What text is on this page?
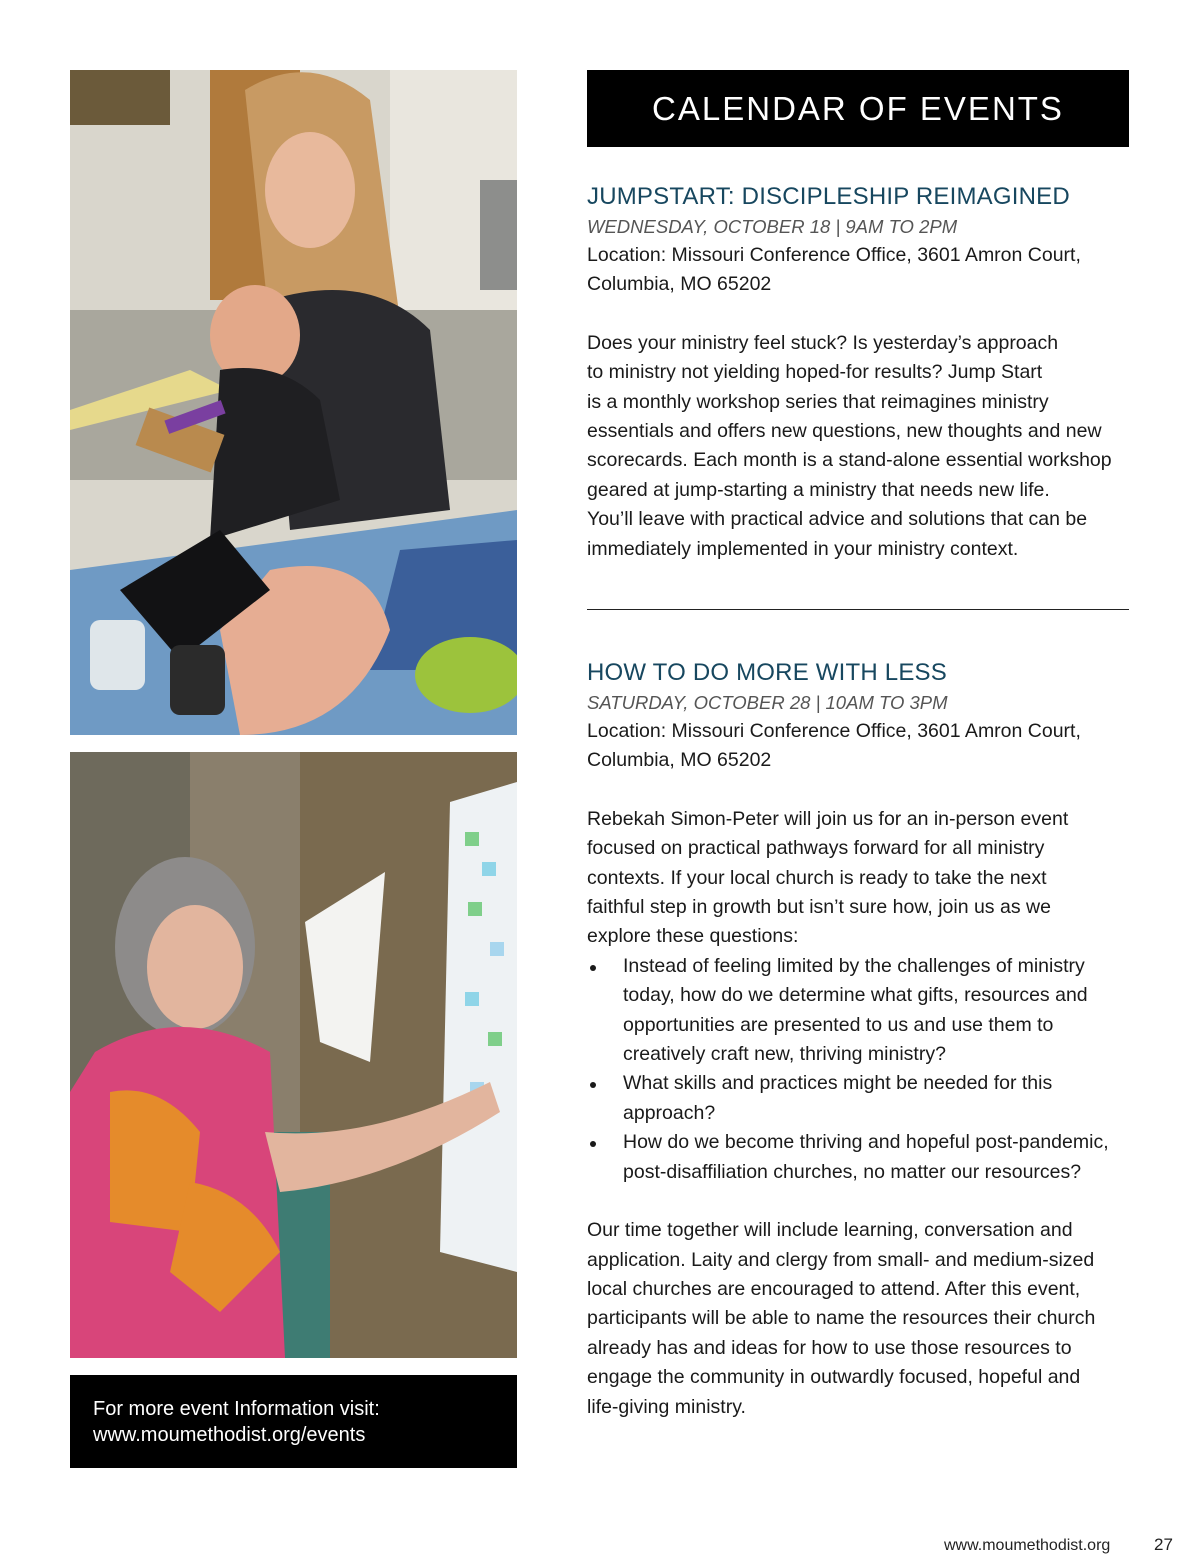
For more event Information visit:
www.moumethodist.org/events
CALENDAR OF EVENTS
JUMPSTART: DISCIPLESHIP REIMAGINED
WEDNESDAY, OCTOBER 18 | 9AM TO 2PM

Location: Missouri Conference Office, 3601 Amron Court,
Columbia, MO 65202

Does your ministry feel stuck? Is yesterday’s approach
to ministry not yielding hoped-for results? Jump Start
is a monthly workshop series that reimagines ministry
essentials and offers new questions, new thoughts and new
scorecards. Each month is a stand-alone essential workshop
geared at jump-starting a ministry that needs new life.
You’ll leave with practical advice and solutions that can be
immediately implemented in your ministry context.

HOW TO DO MORE WITH LESS
SATURDAY, OCTOBER 28 | 10AM TO 3PM

Location: Missouri Conference Office, 3601 Amron Court,
Columbia, MO 65202

Rebekah Simon-Peter will join us for an in-person event
focused on practical pathways forward for all ministry
contexts. If your local church is ready to take the next
faithful step in growth but isn’t sure how, join us as we
explore these questions:

Instead of feeling limited by the challenges of ministry
today, how do we determine what gifts, resources and
opportunities are presented to us and use them to
creatively craft new, thriving ministry?
What skills and practices might be needed for this
approach?
How do we become thriving and hopeful post-pandemic,
post-disaffiliation churches, no matter our resources?

Our time together will include learning, conversation and
application. Laity and clergy from small- and medium-sized
local churches are encouraged to attend. After this event,
participants will be able to name the resources their church
already has and ideas for how to use those resources to
engage the community in outwardly focused, hopeful and
life-giving ministry.

www.moumethodist.org	27
